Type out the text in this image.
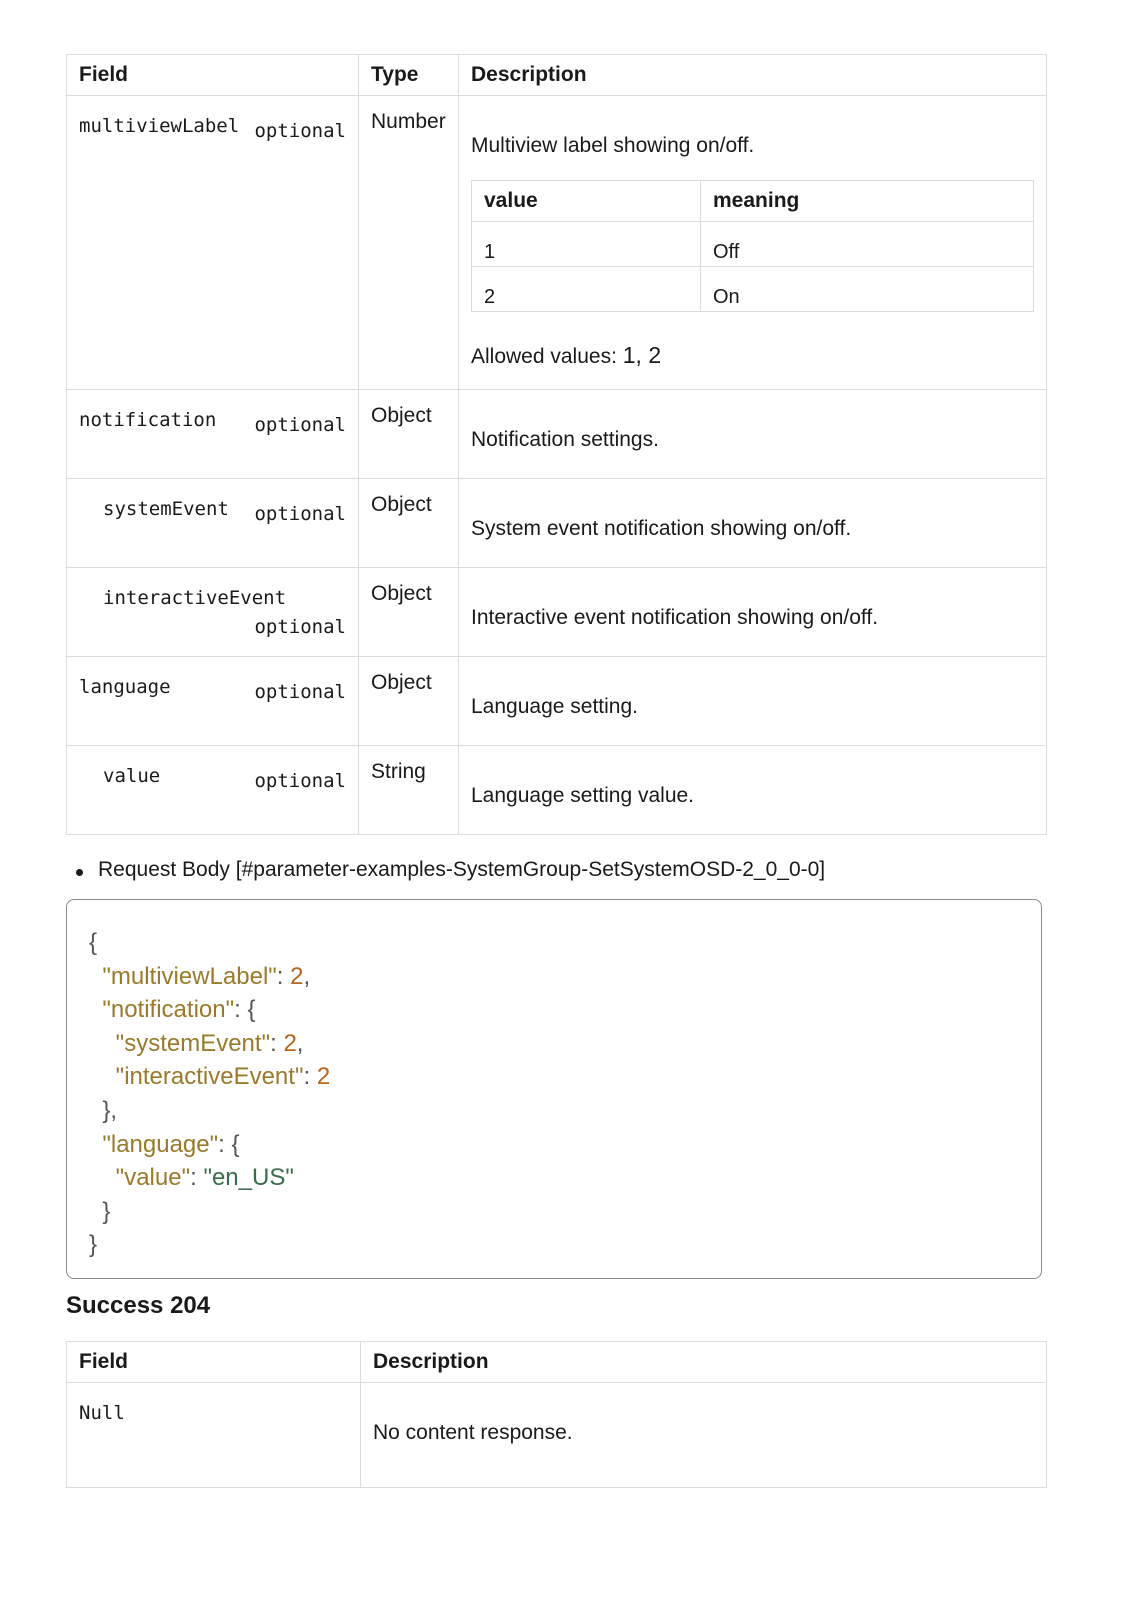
Field	Type	Description
multiviewLabel optional	Number	

Multiview label showing on/off.

value	meaning
1	Off
2	On
Allowed values: 1, 2

notification optional	Object	

Notification settings.

systemEvent optional	Object	

System event notification showing on/off.

interactiveEvent
optional
	Object	

Interactive event notification showing on/off.

language	optional	Object	

Language setting.

value	optional	String	

Language setting value.

Request Body [#parameter-examples-SystemGroup-SetSystemOSD-2_0_0-0]
{
"multiviewLabel": 2,
"notification": {
"systemEvent": 2,
"interactiveEvent": 2
},
"language": {
"value": "en_US"
}
}
Success 204
Field	Description
Null	No content response.
